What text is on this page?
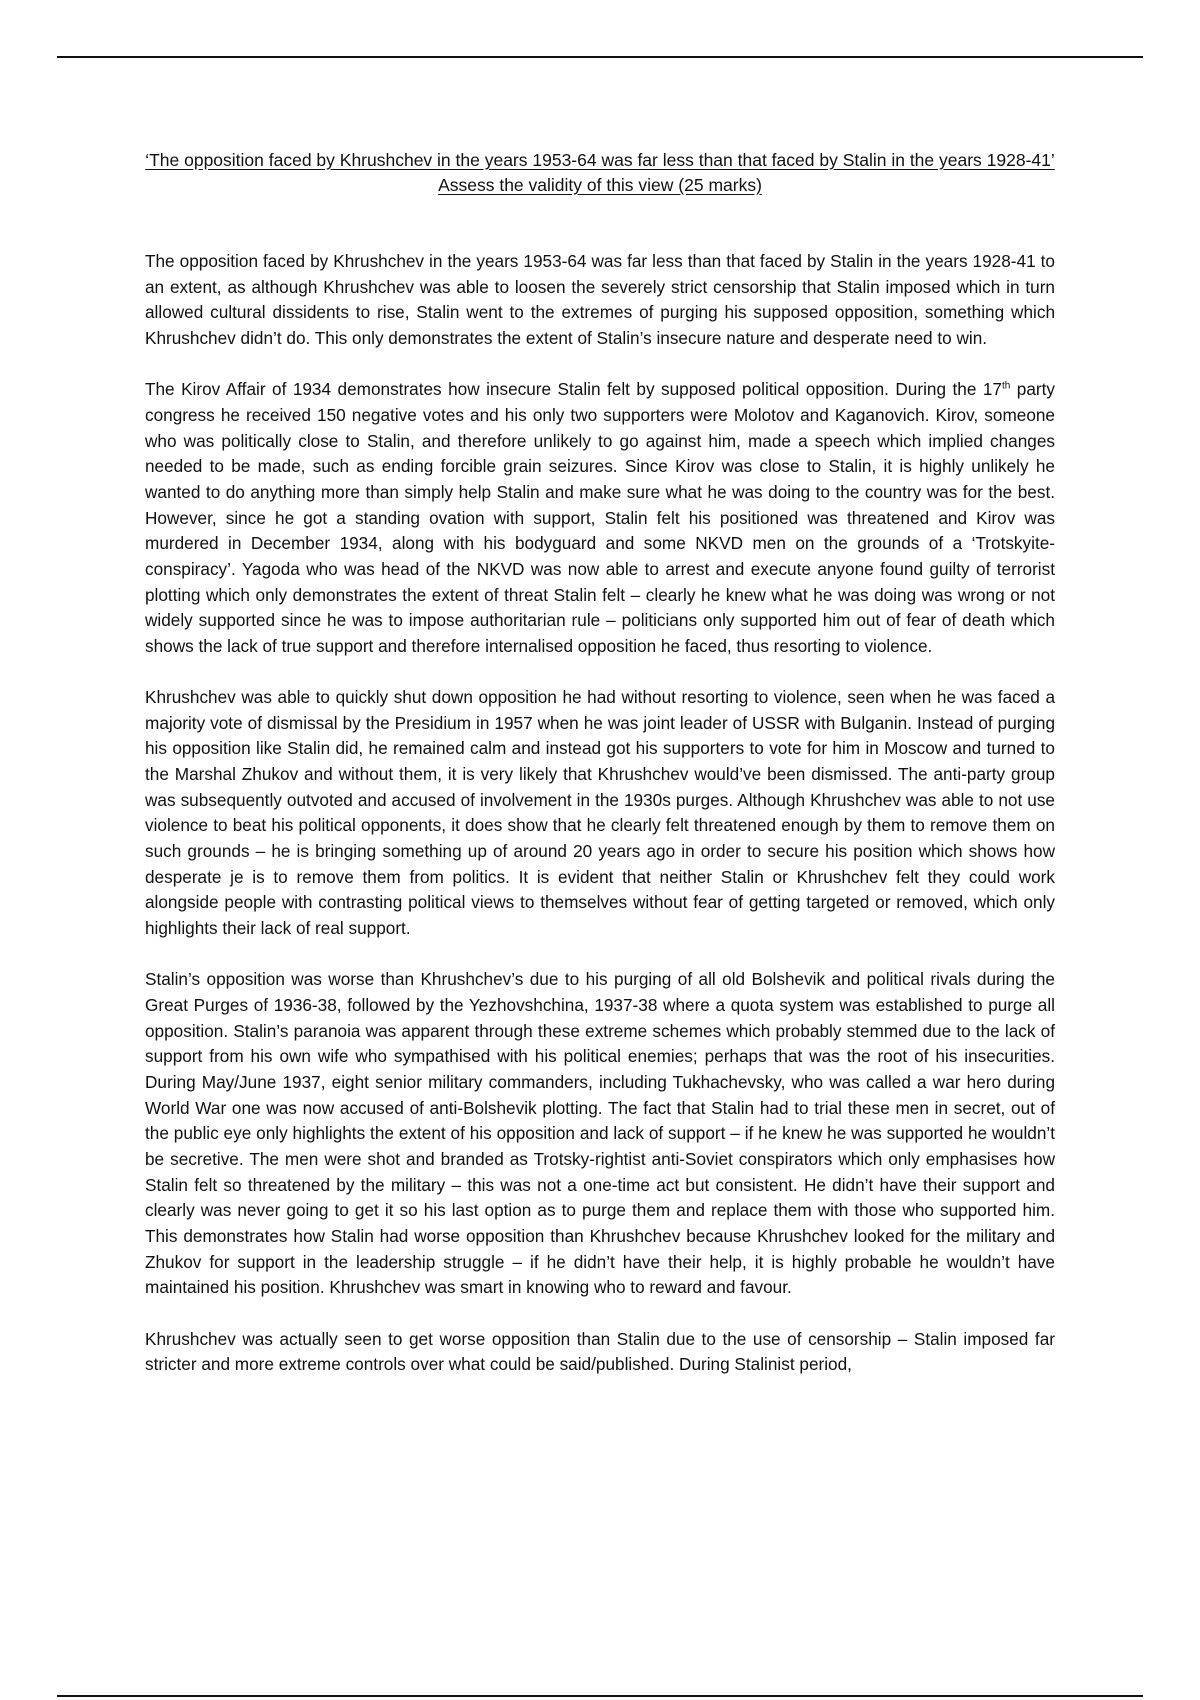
‘The opposition faced by Khrushchev in the years 1953-64 was far less than that faced by Stalin in the years 1928-41’
Assess the validity of this view (25 marks)

The opposition faced by Khrushchev in the years 1953-64 was far less than that faced by Stalin in the years 1928-41 to an extent, as although Khrushchev was able to loosen the severely strict censorship that Stalin imposed which in turn allowed cultural dissidents to rise, Stalin went to the extremes of purging his supposed opposition, something which Khrushchev didn’t do. This only demonstrates the extent of Stalin’s insecure nature and desperate need to win.

The Kirov Affair of 1934 demonstrates how insecure Stalin felt by supposed political opposition. During the 17th party congress he received 150 negative votes and his only two supporters were Molotov and Kaganovich. Kirov, someone who was politically close to Stalin, and therefore unlikely to go against him, made a speech which implied changes needed to be made, such as ending forcible grain seizures. Since Kirov was close to Stalin, it is highly unlikely he wanted to do anything more than simply help Stalin and make sure what he was doing to the country was for the best. However, since he got a standing ovation with support, Stalin felt his positioned was threatened and Kirov was murdered in December 1934, along with his bodyguard and some NKVD men on the grounds of a ‘Trotskyite-conspiracy’. Yagoda who was head of the NKVD was now able to arrest and execute anyone found guilty of terrorist plotting which only demonstrates the extent of threat Stalin felt – clearly he knew what he was doing was wrong or not widely supported since he was to impose authoritarian rule – politicians only supported him out of fear of death which shows the lack of true support and therefore internalised opposition he faced, thus resorting to violence.

Khrushchev was able to quickly shut down opposition he had without resorting to violence, seen when he was faced a majority vote of dismissal by the Presidium in 1957 when he was joint leader of USSR with Bulganin. Instead of purging his opposition like Stalin did, he remained calm and instead got his supporters to vote for him in Moscow and turned to the Marshal Zhukov and without them, it is very likely that Khrushchev would’ve been dismissed. The anti-party group was subsequently outvoted and accused of involvement in the 1930s purges. Although Khrushchev was able to not use violence to beat his political opponents, it does show that he clearly felt threatened enough by them to remove them on such grounds – he is bringing something up of around 20 years ago in order to secure his position which shows how desperate je is to remove them from politics. It is evident that neither Stalin or Khrushchev felt they could work alongside people with contrasting political views to themselves without fear of getting targeted or removed, which only highlights their lack of real support.

Stalin’s opposition was worse than Khrushchev’s due to his purging of all old Bolshevik and political rivals during the Great Purges of 1936-38, followed by the Yezhovshchina, 1937-38 where a quota system was established to purge all opposition. Stalin’s paranoia was apparent through these extreme schemes which probably stemmed due to the lack of support from his own wife who sympathised with his political enemies; perhaps that was the root of his insecurities. During May/June 1937, eight senior military commanders, including Tukhachevsky, who was called a war hero during World War one was now accused of anti-Bolshevik plotting. The fact that Stalin had to trial these men in secret, out of the public eye only highlights the extent of his opposition and lack of support – if he knew he was supported he wouldn’t be secretive. The men were shot and branded as Trotsky-rightist anti-Soviet conspirators which only emphasises how Stalin felt so threatened by the military – this was not a one-time act but consistent. He didn’t have their support and clearly was never going to get it so his last option as to purge them and replace them with those who supported him. This demonstrates how Stalin had worse opposition than Khrushchev because Khrushchev looked for the military and Zhukov for support in the leadership struggle – if he didn’t have their help, it is highly probable he wouldn’t have maintained his position. Khrushchev was smart in knowing who to reward and favour.

Khrushchev was actually seen to get worse opposition than Stalin due to the use of censorship – Stalin imposed far stricter and more extreme controls over what could be said/published. During Stalinist period,
